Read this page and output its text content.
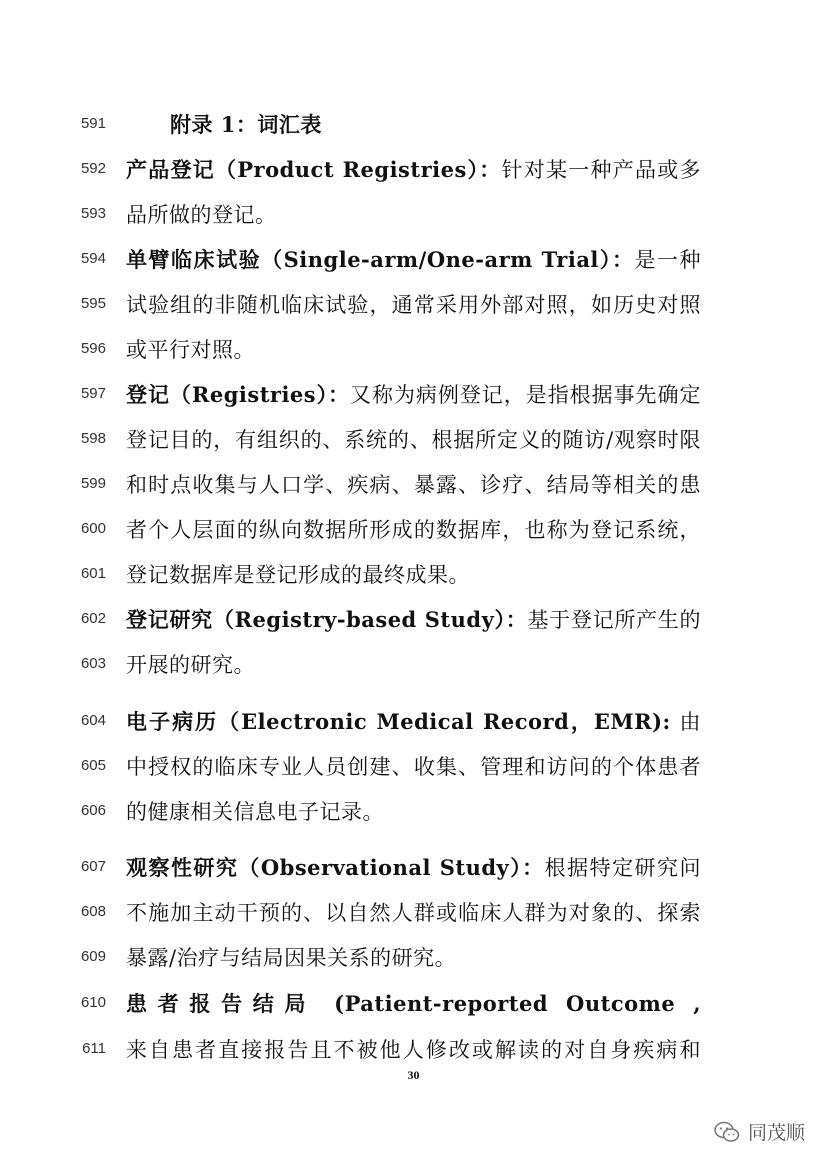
591	附录 1：词汇表
592 产品登记（Product Registries）：针对某一种产品或多
593 品所做的登记。
594 单臂临床试验（Single-arm/One-arm Trial）：是一种
595 试验组的非随机临床试验，通常采用外部对照，如历史对照
596 或平行对照。
597 登记（Registries）：又称为病例登记，是指根据事先确定
598 登记目的，有组织的、系统的、根据所定义的随访/观察时限
599 和时点收集与人口学、疾病、暴露、诊疗、结局等相关的患
600 者个人层面的纵向数据所形成的数据库，也称为登记系统，
601 登记数据库是登记形成的最终成果。
602 登记研究（Registry-based Study）：基于登记所产生的
603 开展的研究。
604 电子病历（Electronic Medical Record，EMR): 由
605 中授权的临床专业人员创建、收集、管理和访问的个体患者
606 的健康相关信息电子记录。
607 观察性研究（Observational Study）：根据特定研究问
608 不施加主动干预的、以自然人群或临床人群为对象的、探索
609 暴露/治疗与结局因果关系的研究。
610 患者报告结局 (Patient-reported Outcome ,
611 来自患者直接报告且不被他人修改或解读的对自身疾病和
30
同茂顺
